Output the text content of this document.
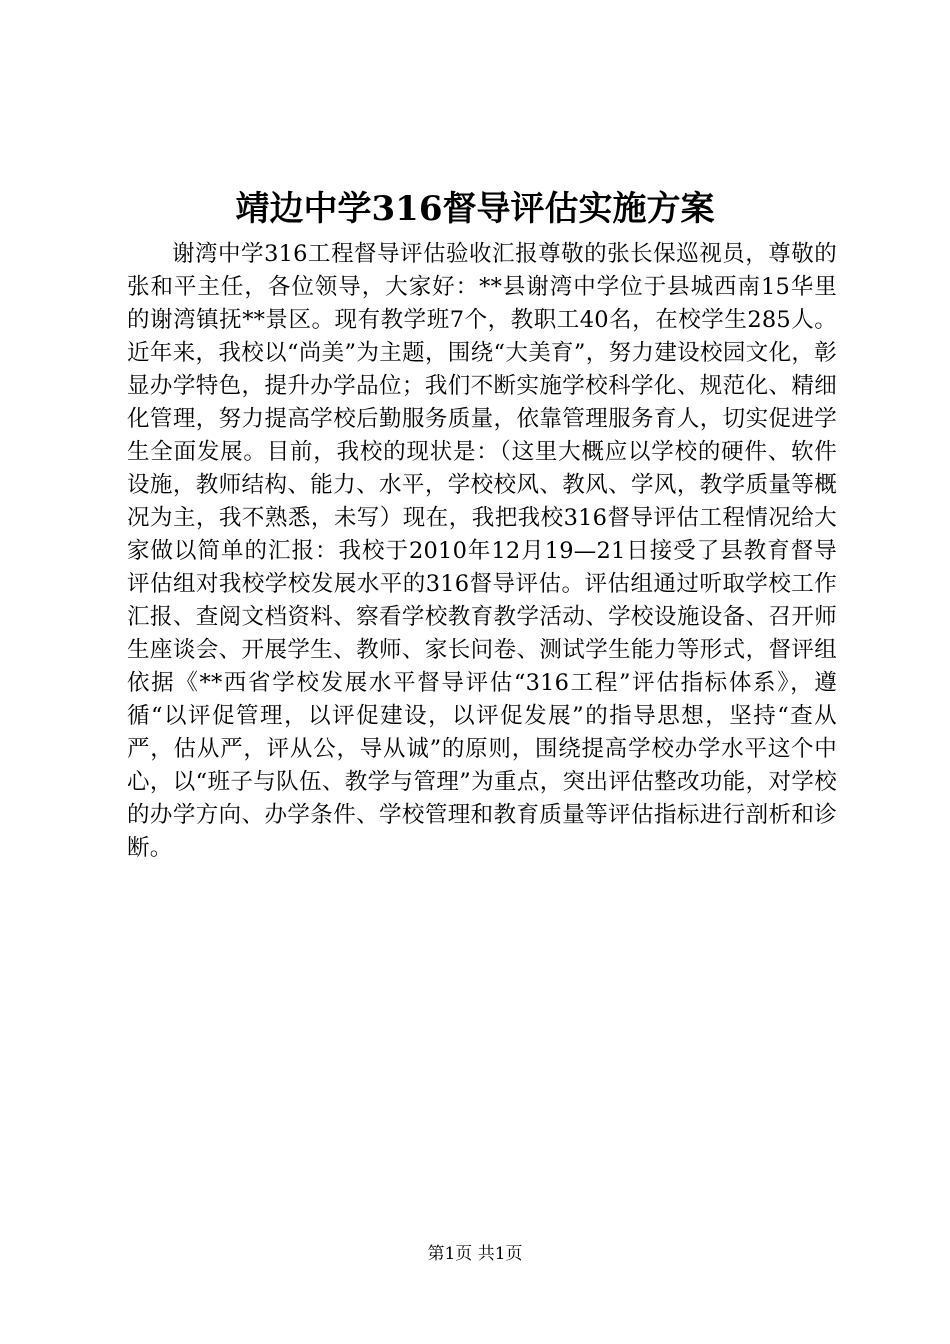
靖边中学316督导评估实施方案
谢湾中学316工程督导评估验收汇报尊敬的张长保巡视员，尊敬的张和平主任，各位领导，大家好：**县谢湾中学位于县城西南15华里的谢湾镇抚**景区。现有教学班7个，教职工40名，在校学生285人。近年来，我校以“尚美”为主题，围绕“大美育”，努力建设校园文化，彰显办学特色，提升办学品位；我们不断实施学校科学化、规范化、精细化管理，努力提高学校后勤服务质量，依靠管理服务育人，切实促进学生全面发展。目前，我校的现状是：（这里大概应以学校的硬件、软件设施，教师结构、能力、水平，学校校风、教风、学风，教学质量等概况为主，我不熟悉，未写）现在，我把我校316督导评估工程情况给大家做以简单的汇报：我校于2010年12月19—21日接受了县教育督导评估组对我校学校发展水平的316督导评估。评估组通过听取学校工作汇报、查阅文档资料、察看学校教育教学活动、学校设施设备、召开师生座谈会、开展学生、教师、家长问卷、测试学生能力等形式，督评组依据《**西省学校发展水平督导评估“316工程”评估指标体系》，遵循“以评促管理，以评促建设，以评促发展”的指导思想，坚持“查从严，估从严，评从公，导从诚”的原则，围绕提高学校办学水平这个中心，以“班子与队伍、教学与管理”为重点，突出评估整改功能，对学校的办学方向、办学条件、学校管理和教育质量等评估指标进行剖析和诊断。
第1页 共1页
